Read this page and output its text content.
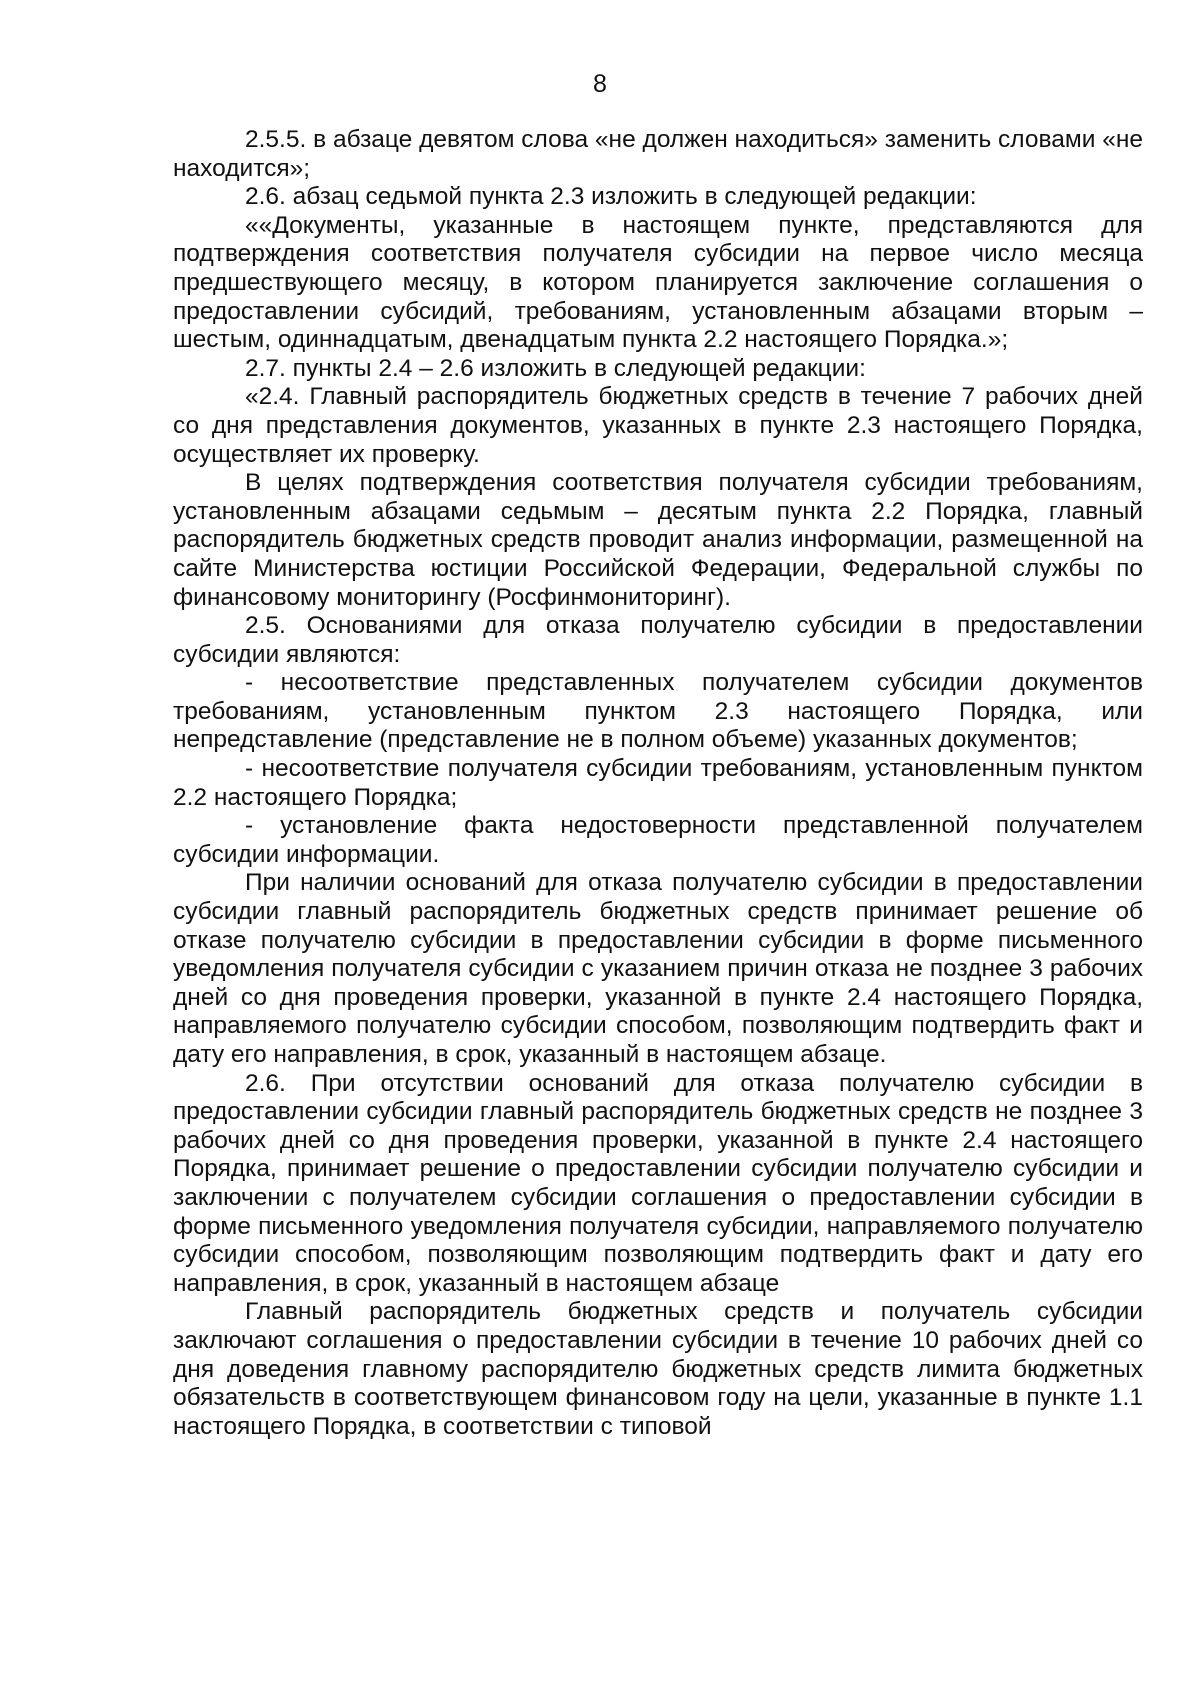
8

2.5.5. в абзаце девятом слова «не должен находиться» заменить словами «не находится»;

2.6. абзац седьмой пункта 2.3 изложить в следующей редакции:

««Документы, указанные в настоящем пункте, представляются для подтверждения соответствия получателя субсидии на первое число месяца предшествующего месяцу, в котором планируется заключение соглашения о предоставлении субсидий, требованиям, установленным абзацами вторым – шестым, одиннадцатым, двенадцатым пункта 2.2 настоящего Порядка.»;

2.7. пункты 2.4 – 2.6 изложить в следующей редакции:

«2.4. Главный распорядитель бюджетных средств в течение 7 рабочих дней со дня представления документов, указанных в пункте 2.3 настоящего Порядка, осуществляет их проверку.

В целях подтверждения соответствия получателя субсидии требованиям, установленным абзацами седьмым – десятым пункта 2.2 Порядка, главный распорядитель бюджетных средств проводит анализ информации, размещенной на сайте Министерства юстиции Российской Федерации, Федеральной службы по финансовому мониторингу (Росфинмониторинг).

2.5. Основаниями для отказа получателю субсидии в предоставлении субсидии являются:

- несоответствие представленных получателем субсидии документов требованиям, установленным пунктом 2.3 настоящего Порядка, или непредставление (представление не в полном объеме) указанных документов;

- несоответствие получателя субсидии требованиям, установленным пунктом 2.2 настоящего Порядка;

- установление факта недостоверности представленной получателем субсидии информации.

При наличии оснований для отказа получателю субсидии в предоставлении субсидии главный распорядитель бюджетных средств принимает решение об отказе получателю субсидии в предоставлении субсидии в форме письменного уведомления получателя субсидии с указанием причин отказа не позднее 3 рабочих дней со дня проведения проверки, указанной в пункте 2.4 настоящего Порядка, направляемого получателю субсидии способом, позволяющим подтвердить факт и дату его направления, в срок, указанный в настоящем абзаце.

2.6. При отсутствии оснований для отказа получателю субсидии в предоставлении субсидии главный распорядитель бюджетных средств не позднее 3 рабочих дней со дня проведения проверки, указанной в пункте 2.4 настоящего Порядка, принимает решение о предоставлении субсидии получателю субсидии и заключении с получателем субсидии соглашения о предоставлении субсидии в форме письменного уведомления получателя субсидии, направляемого получателю субсидии способом, позволяющим позволяющим подтвердить факт и дату его направления, в срок, указанный в настоящем абзаце

Главный распорядитель бюджетных средств и получатель субсидии заключают соглашения о предоставлении субсидии в течение 10 рабочих дней со дня доведения главному распорядителю бюджетных средств лимита бюджетных обязательств в соответствующем финансовом году на цели, указанные в пункте 1.1 настоящего Порядка, в соответствии с типовой
